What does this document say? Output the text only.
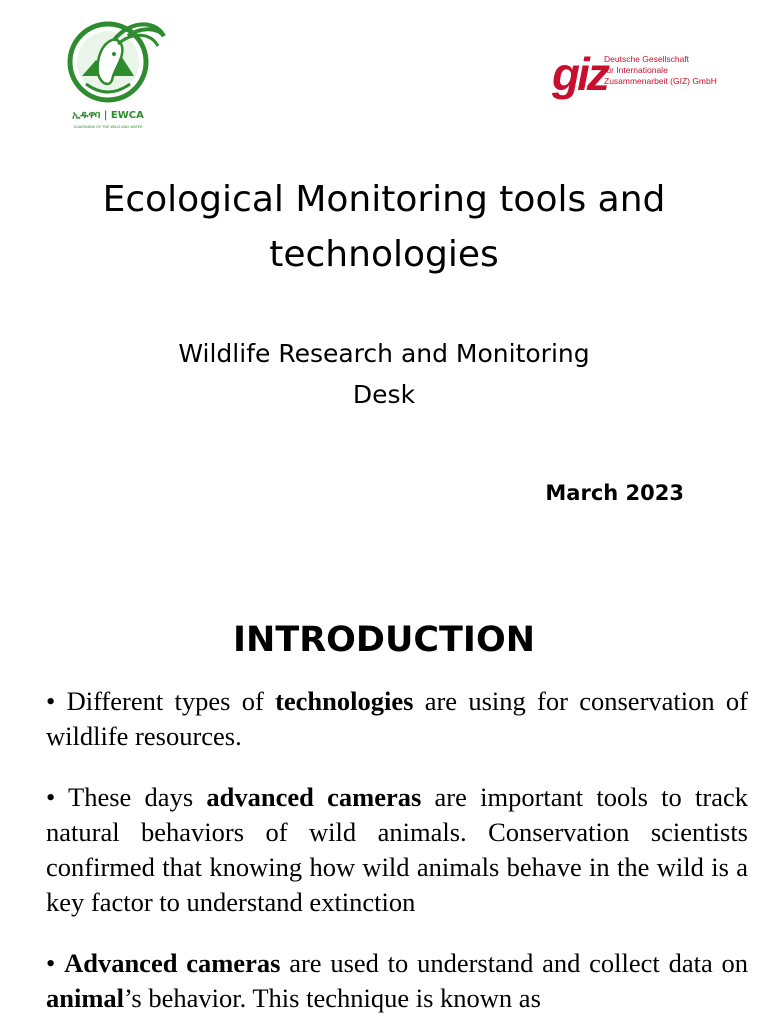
ኢዱዋባ | EWCA
GUARDIANS OF THE WILD AND WATER
giz
Deutsche Gesellschaft
für Internationale
Zusammenarbeit (GIZ) GmbH
Ecological Monitoring tools and
technologies

Wildlife Research and Monitoring
Desk

March 2023
INTRODUCTION
• Different types of technologies are using for conservation of wildlife resources.
• These days advanced cameras are important tools to track natural behaviors of wild animals. Conservation scientists confirmed that knowing how wild animals behave in the wild is a key factor to understand extinction
• Advanced cameras are used to understand and collect data on animal’s behavior. This technique is known as
